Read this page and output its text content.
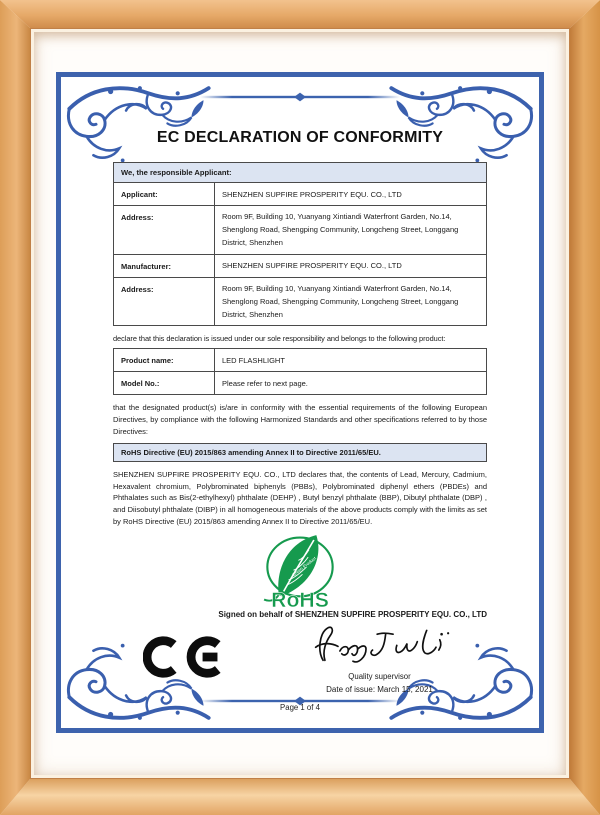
EC DECLARATION OF CONFORMITY
We, the responsible Applicant:	
Applicant:	SHENZHEN SUPFIRE PROSPERITY EQU. CO., LTD
Address:	Room 9F, Building 10, Yuanyang Xintiandi Waterfront Garden, No.14, Shenglong Road, Shengping Community, Longcheng Street, Longgang District, Shenzhen
Manufacturer:	SHENZHEN SUPFIRE PROSPERITY EQU. CO., LTD
Address:	Room 9F, Building 10, Yuanyang Xintiandi Waterfront Garden, No.14, Shenglong Road, Shengping Community, Longcheng Street, Longgang District, Shenzhen

declare that this declaration is issued under our sole responsibility and belongs to the following product:

Product name:	LED FLASHLIGHT
Model No.:	Please refer to next page.

that the designated product(s) is/are in conformity with the essential requirements of the following European Directives, by compliance with the following Harmonized Standards and other specifications referred to by those Directives:

RoHS Directive (EU) 2015/863 amending Annex II to Directive 2011/65/EU.

SHENZHEN SUPFIRE PROSPERITY EQU. CO., LTD declares that, the contents of Lead, Mercury, Cadmium, Hexavalent chromium, Polybrominated biphenyls (PBBs), Polybrominated diphenyl ethers (PBDEs) and Phthalates such as Bis(2-ethylhexyl) phthalate (DEHP) , Butyl benzyl phthalate (BBP), Dibutyl phthalate (DBP) , and Diisobutyl phthalate (DIBP) in all homogeneous materials of the above products comply with the limits as set by RoHS Directive (EU) 2015/863 amending Annex II to Directive 2011/65/EU.

Green Product
RoHS
Signed on behalf of SHENZHEN SUPFIRE PROSPERITY EQU. CO., LTD
Quality supervisor
Date of issue: March 15, 2021
Page 1 of 4
